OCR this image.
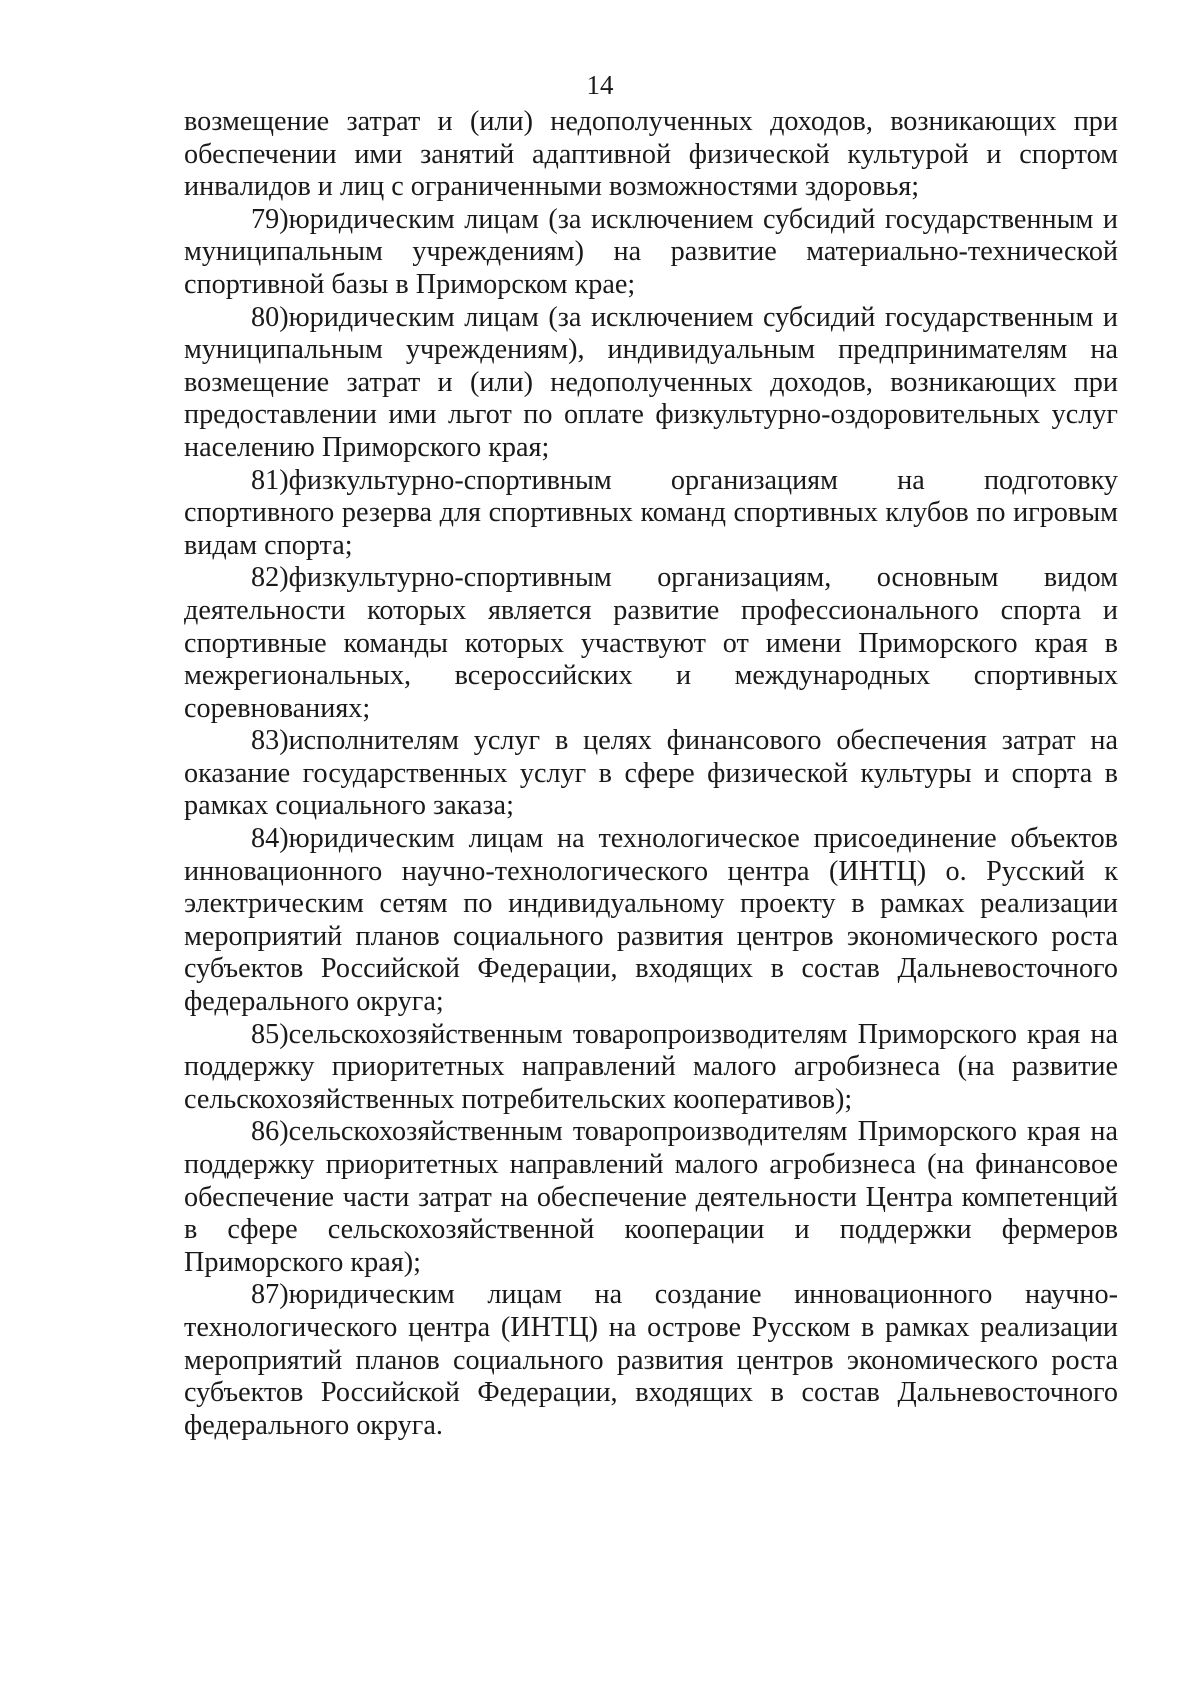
14

возмещение затрат и (или) недополученных доходов, возникающих при обеспечении ими занятий адаптивной физической культурой и спортом инвалидов и лиц с ограниченными возможностями здоровья;

79)юридическим лицам (за исключением субсидий государственным и муниципальным учреждениям) на развитие материально-технической спортивной базы в Приморском крае;

80)юридическим лицам (за исключением субсидий государственным и муниципальным учреждениям), индивидуальным предпринимателям на возмещение затрат и (или) недополученных доходов, возникающих при предоставлении ими льгот по оплате физкультурно-оздоровительных услуг населению Приморского края;

81)физкультурно-спортивным организациям на подготовку спортивного резерва для спортивных команд спортивных клубов по игровым видам спорта;

82)физкультурно-спортивным организациям, основным видом деятельности которых является развитие профессионального спорта и спортивные команды которых участвуют от имени Приморского края в межрегиональных, всероссийских и международных спортивных соревнованиях;

83)исполнителям услуг в целях финансового обеспечения затрат на оказание государственных услуг в сфере физической культуры и спорта в рамках социального заказа;

84)юридическим лицам на технологическое присоединение объектов инновационного научно-технологического центра (ИНТЦ) о. Русский к электрическим сетям по индивидуальному проекту в рамках реализации мероприятий планов социального развития центров экономического роста субъектов Российской Федерации, входящих в состав Дальневосточного федерального округа;

85)сельскохозяйственным товаропроизводителям Приморского края на поддержку приоритетных направлений малого агробизнеса (на развитие сельскохозяйственных потребительских кооперативов);

86)сельскохозяйственным товаропроизводителям Приморского края на поддержку приоритетных направлений малого агробизнеса (на финансовое обеспечение части затрат на обеспечение деятельности Центра компетенций в сфере сельскохозяйственной кооперации и поддержки фермеров Приморского края);

87)юридическим лицам на создание инновационного научно-технологического центра (ИНТЦ) на острове Русском в рамках реализации мероприятий планов социального развития центров экономического роста субъектов Российской Федерации, входящих в состав Дальневосточного федерального округа.
